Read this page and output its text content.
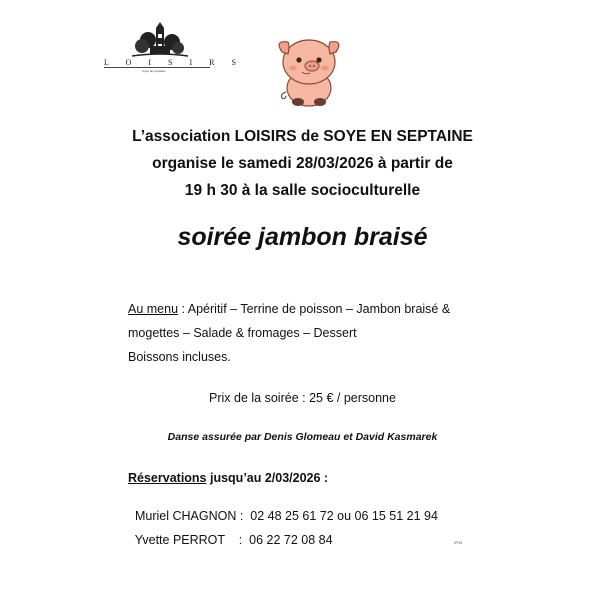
L O I S I R S
Soye en septaine
L’association LOISIRS de SOYE EN SEPTAINE
organise le samedi 28/03/2026 à partir de
19 h 30 à la salle socioculturelle
soirée jambon braisé
Au menu : Apéritif – Terrine de poisson – Jambon braisé &
mogettes – Salade & fromages – Dessert
Boissons incluses.
Prix de la soirée : 25 € / personne
Danse assurée par Denis Glomeau et David Kasmarek
Réservations jusqu’au 2/03/2026 :

Muriel CHAGNON :  02 48 25 61 72 ou 06 15 51 21 94

Yvette PERROT    :  06 22 72 08 84	IPNS
